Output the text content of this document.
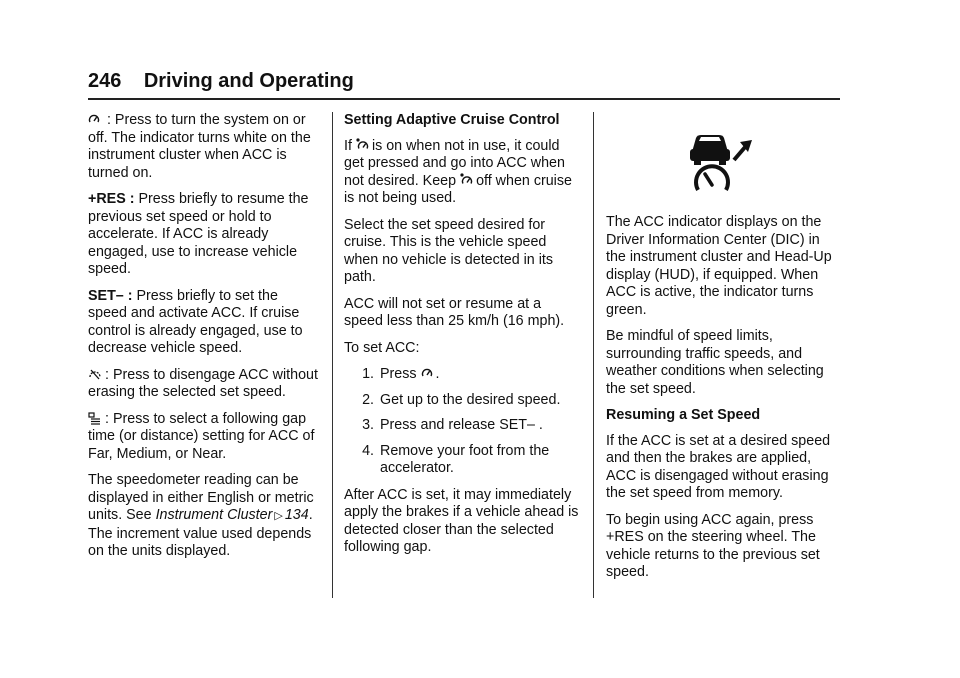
246 Driving and Operating

: Press to turn the system on or off. The indicator turns white on the instrument cluster when ACC is turned on.

+RES : Press briefly to resume the previous set speed or hold to accelerate. If ACC is already engaged, use to increase vehicle speed.

SET– : Press briefly to set the speed and activate ACC. If cruise control is already engaged, use to decrease vehicle speed.

: Press to disengage ACC without erasing the selected set speed.

: Press to select a following gap time (or distance) setting for ACC of Far, Medium, or Near.

The speedometer reading can be displayed in either English or metric units. See Instrument Cluster ▷ 134. The increment value used depends on the units displayed.

Setting Adaptive Cruise Control

If is on when not in use, it could get pressed and go into ACC when not desired. Keep off when cruise is not being used.

Select the set speed desired for cruise. This is the vehicle speed when no vehicle is detected in its path.

ACC will not set or resume at a speed less than 25 km/h (16 mph).

To set ACC:

1. Press .
2. Get up to the desired speed.
3. Press and release SET– .
4. Remove your foot from the accelerator.

After ACC is set, it may immediately apply the brakes if a vehicle ahead is detected closer than the selected following gap.

The ACC indicator displays on the Driver Information Center (DIC) in the instrument cluster and Head-Up display (HUD), if equipped. When ACC is active, the indicator turns green.

Be mindful of speed limits, surrounding traffic speeds, and weather conditions when selecting the set speed.

Resuming a Set Speed

If the ACC is set at a desired speed and then the brakes are applied, ACC is disengaged without erasing the set speed from memory.

To begin using ACC again, press +RES on the steering wheel. The vehicle returns to the previous set speed.
